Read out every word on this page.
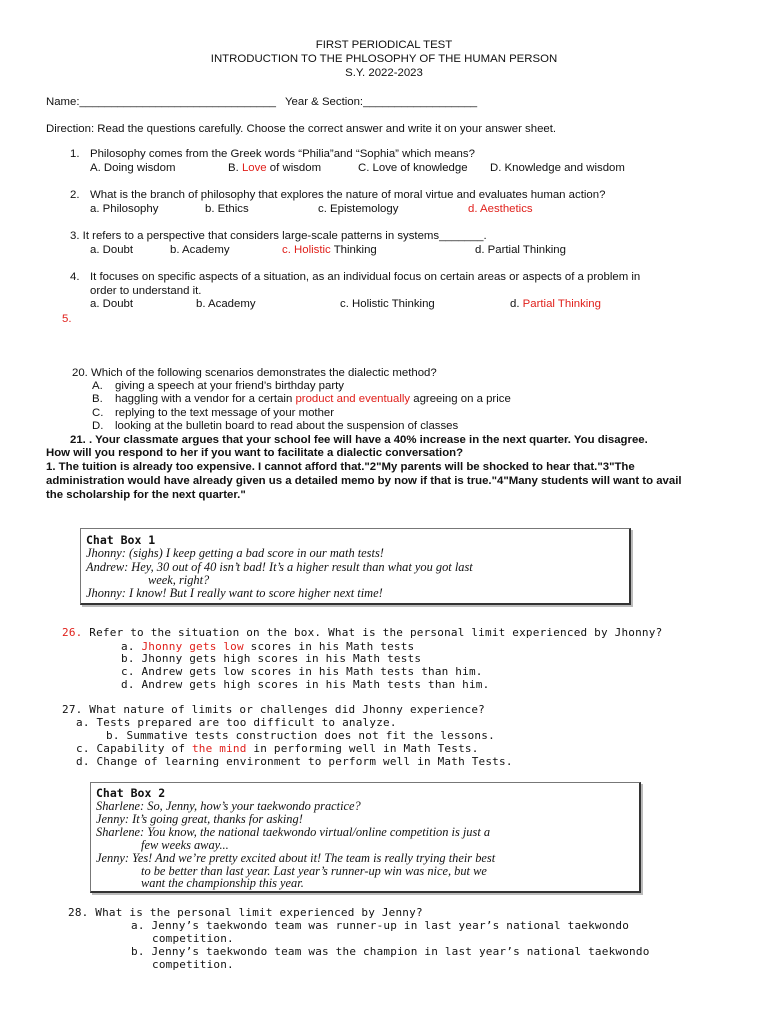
FIRST PERIODICAL TEST
INTRODUCTION TO THE PHLOSOPHY OF THE HUMAN PERSON
S.Y. 2022-2023
Name:_______________________________ Year & Section:__________________
Direction: Read the questions carefully. Choose the correct answer and write it on your answer sheet.
1. Philosophy comes from the Greek words “Philia”and “Sophia” which means?
A. Doing wisdom	B. Love of wisdom	C. Love of knowledge D. Knowledge and wisdom
2. What is the branch of philosophy that explores the nature of moral virtue and evaluates human action?
a. Philosophy	b. Ethics	c. Epistemology	d. Aesthetics
3. It refers to a perspective that considers large-scale patterns in systems_______.
a. Doubt	b. Academy	c. Holistic Thinking	d. Partial Thinking
4. It focuses on specific aspects of a situation, as an individual focus on certain areas or aspects of a problem in
order to understand it.
a. Doubt	b. Academy	c. Holistic Thinking	d. Partial Thinking
5.
20. Which of the following scenarios demonstrates the dialectic method?
A. giving a speech at your friend’s birthday party
B. haggling with a vendor for a certain product and eventually agreeing on a price
C. replying to the text message of your mother
D. looking at the bulletin board to read about the suspension of classes
21. . Your classmate argues that your school fee will have a 40% increase in the next quarter. You disagree.
How will you respond to her if you want to facilitate a dialectic conversation?
1. The tuition is already too expensive. I cannot afford that."2"My parents will be shocked to hear that."3"The
administration would have already given us a detailed memo by now if that is true."4"Many students will want to avail
the scholarship for the next quarter."
Chat Box 1
Jhonny: (sighs) I keep getting a bad score in our math tests!
Andrew: Hey, 30 out of 40 isn’t bad! It’s a higher result than what you got last
week, right?
Jhonny: I know! But I really want to score higher next time!
26. Refer to the situation on the box. What is the personal limit experienced by Jhonny?
a. Jhonny gets low scores in his Math tests
b. Jhonny gets high scores in his Math tests
c. Andrew gets low scores in his Math tests than him.
d. Andrew gets high scores in his Math tests than him.
27. What nature of limits or challenges did Jhonny experience?
a. Tests prepared are too difficult to analyze.
b. Summative tests construction does not fit the lessons.
c. Capability of the mind in performing well in Math Tests.
d. Change of learning environment to perform well in Math Tests.
Chat Box 2
Sharlene: So, Jenny, how’s your taekwondo practice?
Jenny: It’s going great, thanks for asking!
Sharlene: You know, the national taekwondo virtual/online competition is just a
few weeks away...
Jenny: Yes! And we’re pretty excited about it! The team is really trying their best
to be better than last year. Last year’s runner-up win was nice, but we
want the championship this year.
28. What is the personal limit experienced by Jenny?
a. Jenny’s taekwondo team was runner-up in last year’s national taekwondo
competition.
b. Jenny’s taekwondo team was the champion in last year’s national taekwondo
competition.
